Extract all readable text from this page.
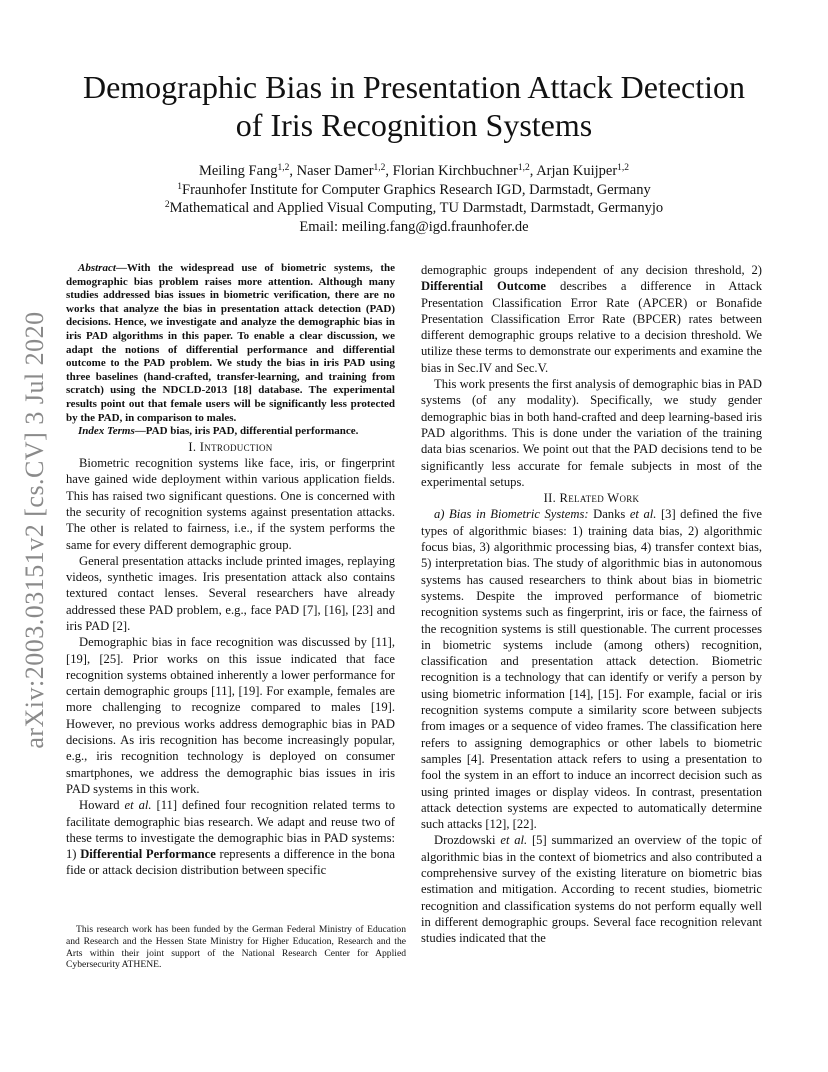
Demographic Bias in Presentation Attack Detection
of Iris Recognition Systems
Meiling Fang$^{1,2}$, Naser Damer$^{1,2}$, Florian Kirchbuchner$^{1,2}$, Arjan Kuijper$^{1,2}$
$^1$Fraunhofer Institute for Computer Graphics Research IGD, Darmstadt, Germany
$^2$Mathematical and Applied Visual Computing, TU Darmstadt, Darmstadt, Germanyjo
Email: meiling.fang@igd.fraunhofer.de
arXiv:2003.03151v2 [cs.CV] 3 Jul 2020

Abstract—With the widespread use of biometric systems, the demographic bias problem raises more attention. Although many studies addressed bias issues in biometric verification, there are no works that analyze the bias in presentation attack detection (PAD) decisions. Hence, we investigate and analyze the demographic bias in iris PAD algorithms in this paper. To enable a clear discussion, we adapt the notions of differential performance and differential outcome to the PAD problem. We study the bias in iris PAD using three baselines (hand-crafted, transfer-learning, and training from scratch) using the NDCLD-2013 [18] database. The experimental results point out that female users will be significantly less protected by the PAD, in comparison to males.

Index Terms—PAD bias, iris PAD, differential performance.

I. Introduction

Biometric recognition systems like face, iris, or fingerprint have gained wide deployment within various application fields. This has raised two significant questions. One is concerned with the security of recognition systems against presentation attacks. The other is related to fairness, i.e., if the system performs the same for every different demographic group.

General presentation attacks include printed images, replaying videos, synthetic images. Iris presentation attack also contains textured contact lenses. Several researchers have already addressed these PAD problem, e.g., face PAD [7], [16], [23] and iris PAD [2].

Demographic bias in face recognition was discussed by [11], [19], [25]. Prior works on this issue indicated that face recognition systems obtained inherently a lower performance for certain demographic groups [11], [19]. For example, females are more challenging to recognize compared to males [19]. However, no previous works address demographic bias in PAD decisions. As iris recognition has become increasingly popular, e.g., iris recognition technology is deployed on consumer smartphones, we address the demographic bias issues in iris PAD systems in this work.

Howard et al. [11] defined four recognition related terms to facilitate demographic bias research. We adapt and reuse two of these terms to investigate the demographic bias in PAD systems: 1) Differential Performance represents a difference in the bona fide or attack decision distribution between specific

demographic groups independent of any decision threshold, 2) Differential Outcome describes a difference in Attack Presentation Classification Error Rate (APCER) or Bonafide Presentation Classification Error Rate (BPCER) rates between different demographic groups relative to a decision threshold. We utilize these terms to demonstrate our experiments and examine the bias in Sec.IV and Sec.V.

This work presents the first analysis of demographic bias in PAD systems (of any modality). Specifically, we study gender demographic bias in both hand-crafted and deep learning-based iris PAD algorithms. This is done under the variation of the training data bias scenarios. We point out that the PAD decisions tend to be significantly less accurate for female subjects in most of the experimental setups.

II. Related Work

a) Bias in Biometric Systems: Danks et al. [3] defined the five types of algorithmic biases: 1) training data bias, 2) algorithmic focus bias, 3) algorithmic processing bias, 4) transfer context bias, 5) interpretation bias. The study of algorithmic bias in autonomous systems has caused researchers to think about bias in biometric systems. Despite the improved performance of biometric recognition systems such as fingerprint, iris or face, the fairness of the recognition systems is still questionable. The current processes in biometric systems include (among others) recognition, classification and presentation attack detection. Biometric recognition is a technology that can identify or verify a person by using biometric information [14], [15]. For example, facial or iris recognition systems compute a similarity score between subjects from images or a sequence of video frames. The classification here refers to assigning demographics or other labels to biometric samples [4]. Presentation attack refers to using a presentation to fool the system in an effort to induce an incorrect decision such as using printed images or display videos. In contrast, presentation attack detection systems are expected to automatically determine such attacks [12], [22].

Drozdowski et al. [5] summarized an overview of the topic of algorithmic bias in the context of biometrics and also contributed a comprehensive survey of the existing literature on biometric bias estimation and mitigation. According to recent studies, biometric recognition and classification systems do not perform equally well in different demographic groups. Several face recognition relevant studies indicated that the

This research work has been funded by the German Federal Ministry of Education and Research and the Hessen State Ministry for Higher Education, Research and the Arts within their joint support of the National Research Center for Applied Cybersecurity ATHENE.
